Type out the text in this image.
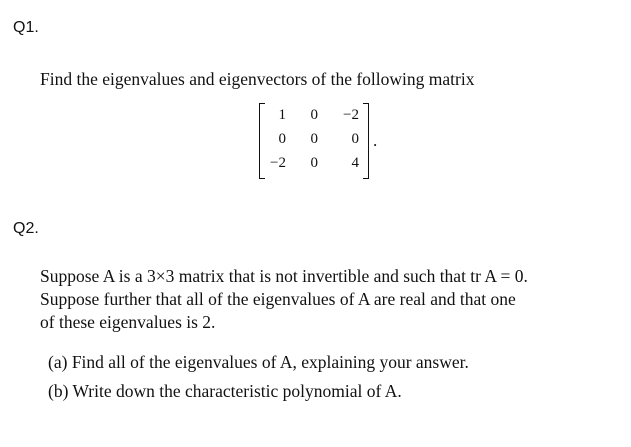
Q1.
Find the eigenvalues and eigenvectors of the following matrix
1	0	−2
0	0	0
−2	0	4
.
Q2.
Suppose A is a 3×3 matrix that is not invertible and such that tr A = 0.
Suppose further that all of the eigenvalues of A are real and that one
of these eigenvalues is 2.
(a) Find all of the eigenvalues of A, explaining your answer.
(b) Write down the characteristic polynomial of A.
